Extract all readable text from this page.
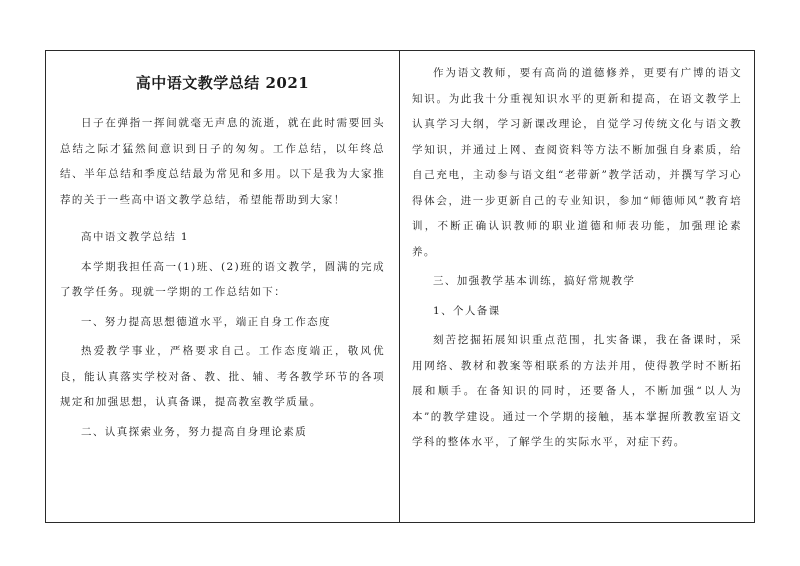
高中语文教学总结 2021

日子在弹指一挥间就毫无声息的流逝，就在此时需要回头总结之际才猛然间意识到日子的匆匆。工作总结，以年终总结、半年总结和季度总结最为常见和多用。以下是我为大家推荐的关于一些高中语文教学总结，希望能帮助到大家！

高中语文教学总结 1

本学期我担任高一(1)班、(2)班的语文教学，圆满的完成了教学任务。现就一学期的工作总结如下：

一、努力提高思想德道水平，端正自身工作态度

热爱教学事业，严格要求自己。工作态度端正，敬风优良，能认真落实学校对备、教、批、辅、考各教学环节的各项规定和加强思想，认真备课，提高教室教学质量。

二、认真探索业务，努力提高自身理论素质

作为语文教师，要有高尚的道德修养，更要有广博的语文知识。为此我十分重视知识水平的更新和提高，在语文教学上认真学习大纲，学习新课改理论，自觉学习传统文化与语文教学知识，并通过上网、查阅资料等方法不断加强自身素质，给自己充电，主动参与语文组“老带新”教学活动，并撰写学习心得体会，进一步更新自己的专业知识，参加“师德师风”教育培训，不断正确认识教师的职业道德和师表功能，加强理论素养。

三、加强教学基本训练，搞好常规教学

1、个人备课

刻苦挖掘拓展知识重点范围，扎实备课，我在备课时，采用网络、教材和教案等相联系的方法并用，使得教学时不断拓展和顺手。在备知识的同时，还要备人，不断加强“以人为本”的教学建设。通过一个学期的接触，基本掌握所教教室语文学科的整体水平，了解学生的实际水平，对症下药。
